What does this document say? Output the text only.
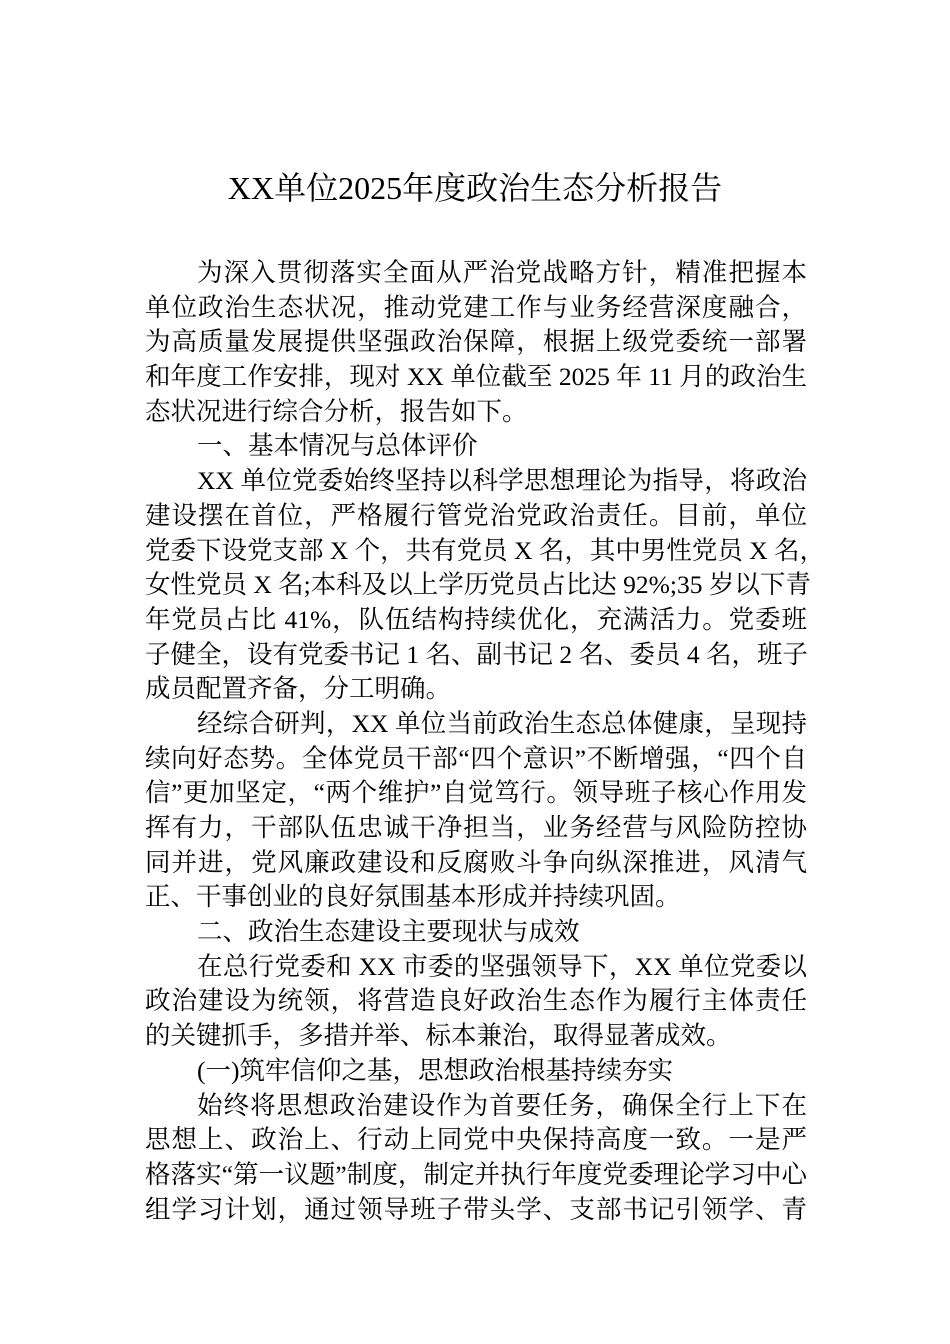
XX单位2025年度政治生态分析报告
为深入贯彻落实全面从严治党战略方针，精准把握本
单位政治生态状况，推动党建工作与业务经营深度融合，
为高质量发展提供坚强政治保障，根据上级党委统一部署
和年度工作安排，现对 XX 单位截至 2025 年 11 月的政治生
态状况进行综合分析，报告如下。
一、基本情况与总体评价
XX 单位党委始终坚持以科学思想理论为指导，将政治
建设摆在首位，严格履行管党治党政治责任。目前，单位
党委下设党支部 X 个，共有党员 X 名，其中男性党员 X 名，
女性党员 X 名;本科及以上学历党员占比达 92%;35 岁以下青
年党员占比 41%，队伍结构持续优化，充满活力。党委班
子健全，设有党委书记 1 名、副书记 2 名、委员 4 名，班子
成员配置齐备，分工明确。
经综合研判，XX 单位当前政治生态总体健康，呈现持
续向好态势。全体党员干部“四个意识”不断增强，“四个自
信”更加坚定，“两个维护”自觉笃行。领导班子核心作用发
挥有力，干部队伍忠诚干净担当，业务经营与风险防控协
同并进，党风廉政建设和反腐败斗争向纵深推进，风清气
正、干事创业的良好氛围基本形成并持续巩固。
二、政治生态建设主要现状与成效
在总行党委和 XX 市委的坚强领导下，XX 单位党委以
政治建设为统领，将营造良好政治生态作为履行主体责任
的关键抓手，多措并举、标本兼治，取得显著成效。
(一)筑牢信仰之基，思想政治根基持续夯实
始终将思想政治建设作为首要任务，确保全行上下在
思想上、政治上、行动上同党中央保持高度一致。一是严
格落实“第一议题”制度，制定并执行年度党委理论学习中心
组学习计划，通过领导班子带头学、支部书记引领学、青
